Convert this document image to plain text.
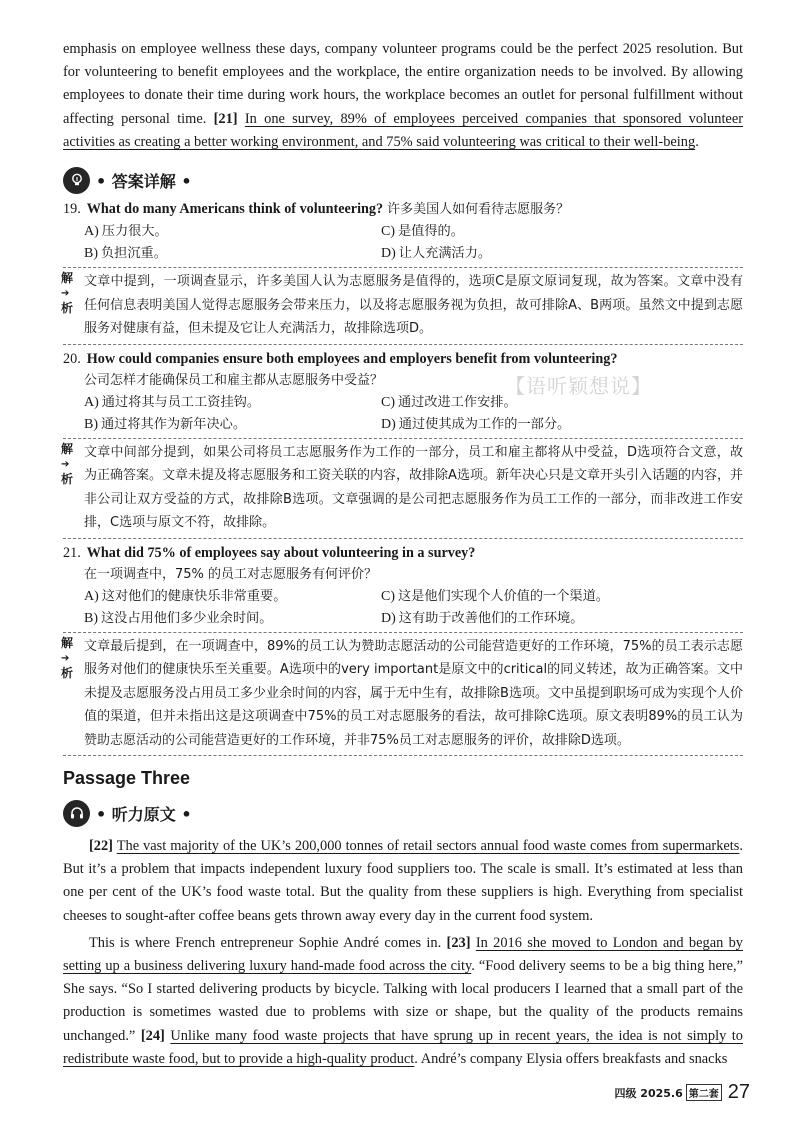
emphasis on employee wellness these days, company volunteer programs could be the perfect 2025 resolution. But for volunteering to benefit employees and the workplace, the entire organization needs to be involved. By allowing employees to donate their time during work hours, the workplace becomes an outlet for personal fulfillment without affecting personal time. [21] In one survey, 89% of employees perceived companies that sponsored volunteer activities as creating a better working environment, and 75% said volunteering was critical to their well-being.

• 答案详解 •

19. What do many Americans think of volunteering? 许多美国人如何看待志愿服务？

A) 压力很大。	C) 是值得的。
B) 负担沉重。	D) 让人充满活力。
解➔
析
文章中提到，一项调查显示，许多美国人认为志愿服务是值得的，选项C是原文原词复现，故为答案。文章中没有任何信息表明美国人觉得志愿服务会带来压力，以及将志愿服务视为负担，故可排除A、B两项。虽然文中提到志愿服务对健康有益，但未提及它让人充满活力，故排除选项D。

20. How could companies ensure both employees and employers benefit from volunteering?

公司怎样才能确保员工和雇主都从志愿服务中受益？

A) 通过将其与员工工资挂钩。	C) 通过改进工作安排。
B) 通过将其作为新年决心。	D) 通过使其成为工作的一部分。
解➔
析
文章中间部分提到，如果公司将员工志愿服务作为工作的一部分，员工和雇主都将从中受益，D选项符合文意，故为正确答案。文章未提及将志愿服务和工资关联的内容，故排除A选项。新年决心只是文章开头引入话题的内容，并非公司让双方受益的方式，故排除B选项。文章强调的是公司把志愿服务作为员工工作的一部分，而非改进工作安排，C选项与原文不符，故排除。

21. What did 75% of employees say about volunteering in a survey?

在一项调查中，75% 的员工对志愿服务有何评价？

A) 这对他们的健康快乐非常重要。	C) 这是他们实现个人价值的一个渠道。
B) 这没占用他们多少业余时间。	D) 这有助于改善他们的工作环境。
解➔
析
文章最后提到，在一项调查中，89%的员工认为赞助志愿活动的公司能营造更好的工作环境，75%的员工表示志愿服务对他们的健康快乐至关重要。A选项中的very important是原文中的critical的同义转述，故为正确答案。文中未提及志愿服务没占用员工多少业余时间的内容，属于无中生有，故排除B选项。文中虽提到职场可成为实现个人价值的渠道，但并未指出这是这项调查中75%的员工对志愿服务的看法，故可排除C选项。原文表明89%的员工认为赞助志愿活动的公司能营造更好的工作环境，并非75%员工对志愿服务的评价，故排除D选项。
Passage Three
• 听力原文 •

[22] The vast majority of the UK’s 200,000 tonnes of retail sectors annual food waste comes from supermarkets. But it’s a problem that impacts independent luxury food suppliers too. The scale is small. It’s estimated at less than one per cent of the UK’s food waste total. But the quality from these suppliers is high. Everything from specialist cheeses to sought-after coffee beans gets thrown away every day in the current food system.

This is where French entrepreneur Sophie André comes in. [23] In 2016 she moved to London and began by setting up a business delivering luxury hand-made food across the city. “Food delivery seems to be a big thing here,” She says. “So I started delivering products by bicycle. Talking with local producers I learned that a small part of the production is sometimes wasted due to problems with size or shape, but the quality of the products remains unchanged.” [24] Unlike many food waste projects that have sprung up in recent years, the idea is not simply to redistribute waste food, but to provide a high-quality product. André’s company Elysia offers breakfasts and snacks

【语听颖想说】
四级 2025.6 第二套 27
